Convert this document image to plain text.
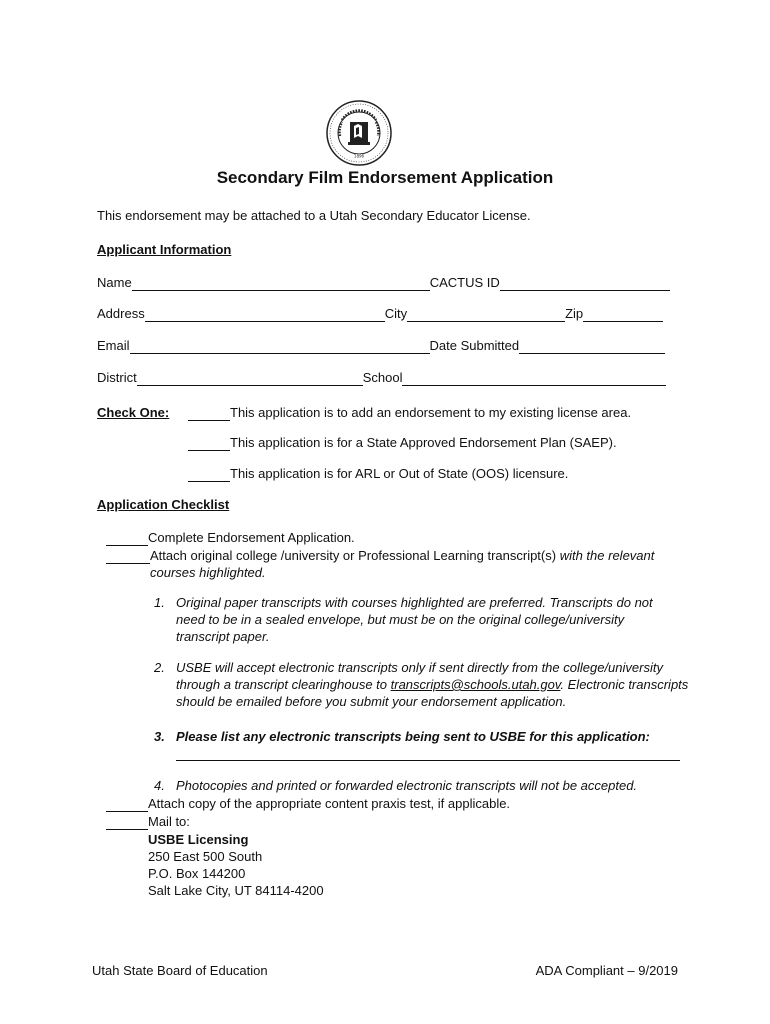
1896
Secondary Film Endorsement Application
This endorsement may be attached to a Utah Secondary Educator License.
Applicant Information
Name	CACTUS ID
Address	City	Zip
Email	Date Submitted
District	School
Check One:	This application is to add an endorsement to my existing license area.
This application is for a State Approved Endorsement Plan (SAEP).
This application is for ARL or Out of State (OOS) licensure.
Application Checklist
Complete Endorsement Application.
Attach original college /university or Professional Learning transcript(s) with the relevant
courses highlighted.
1. Original paper transcripts with courses highlighted are preferred. Transcripts do not
need to be in a sealed envelope, but must be on the original college/university
transcript paper.
2. USBE will accept electronic transcripts only if sent directly from the college/university
through a transcript clearinghouse to transcripts@schools.utah.gov. Electronic transcripts
should be emailed before you submit your endorsement application.
3. Please list any electronic transcripts being sent to USBE for this application:
4. Photocopies and printed or forwarded electronic transcripts will not be accepted.
Attach copy of the appropriate content praxis test, if applicable.
Mail to:
USBE Licensing
250 East 500 South
P.O. Box 144200
Salt Lake City, UT 84114-4200
Utah State Board of Education	ADA Compliant – 9/2019
